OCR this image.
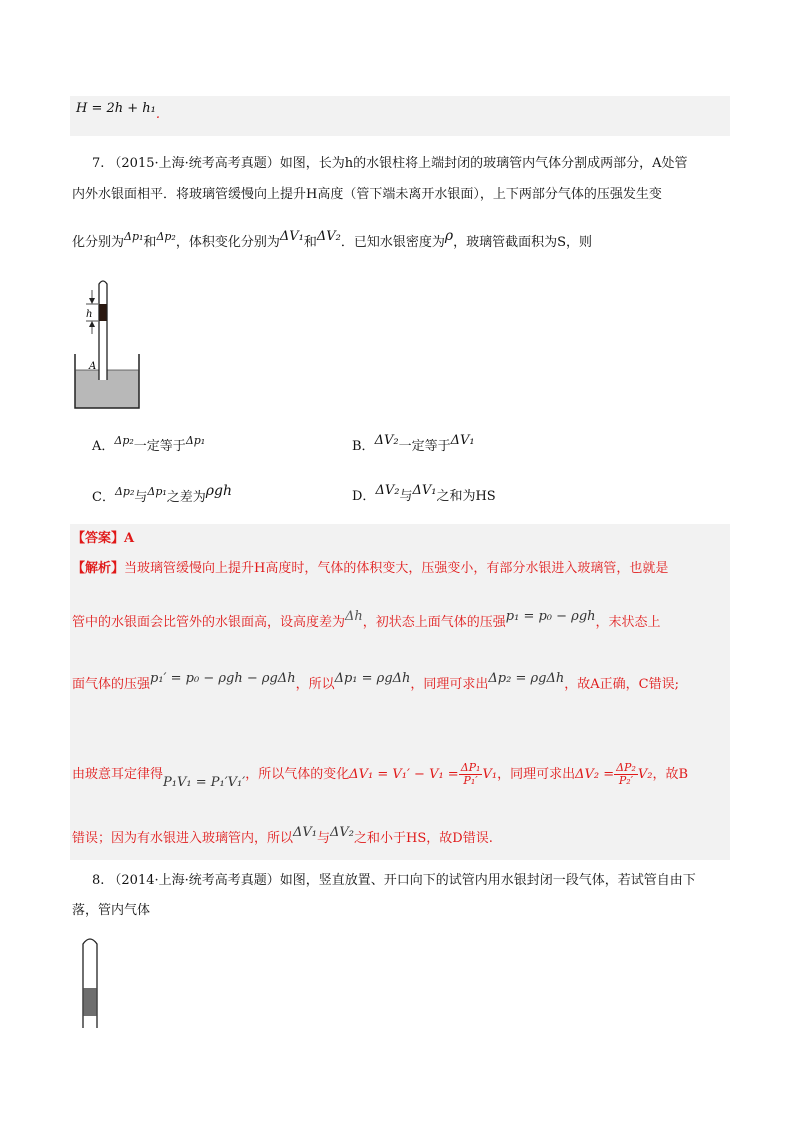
H = 2h + h₁.
7. （2015·上海·统考高考真题）如图，长为h的水银柱将上端封闭的玻璃管内气体分割成两部分，A处管
内外水银面相平．将玻璃管缓慢向上提升H高度（管下端未离开水银面），上下两部分气体的压强发生变
化分别为$^{\Delta p_1}$和$^{\Delta p_2}$，体积变化分别为ΔV₁和ΔV₂．已知水银密度为ρ，玻璃管截面积为S，则
h
A
A．$^{\Delta p_2}$一定等于$^{\Delta p_1}$	B．ΔV₂一定等于ΔV₁
C．$^{\Delta p_2}$与$^{\Delta p_1}$之差为ρgh	D．ΔV₂与ΔV₁之和为HS
【答案】A
【解析】当玻璃管缓慢向上提升H高度时，气体的体积变大，压强变小，有部分水银进入玻璃管，也就是
管中的水银面会比管外的水银面高，设高度差为Δh，初状态上面气体的压强p₁ = p₀ − ρgh，末状态上
面气体的压强p₁′ = p₀ − ρgh − ρgΔh，所以Δp₁ = ρgΔh，同理可求出Δp₂ = ρgΔh，故A正确，C错误;
由玻意耳定律得
P₁V₁ = P₁′V₁′
，所以气体的变化 $\Delta V_1 = V_1' - V_1 = \frac{\text{ΔP₁}}{\text{P₁′}} V_1$ ，同理可求出 $\Delta V_2 = \frac{\text{ΔP₂}}{\text{P₂′}} V_2$ ，故B
错误；因为有水银进入玻璃管内，所以ΔV₁与ΔV₂之和小于HS，故D错误.
8. （2014·上海·统考高考真题）如图，竖直放置、开口向下的试管内用水银封闭一段气体，若试管自由下
落，管内气体
